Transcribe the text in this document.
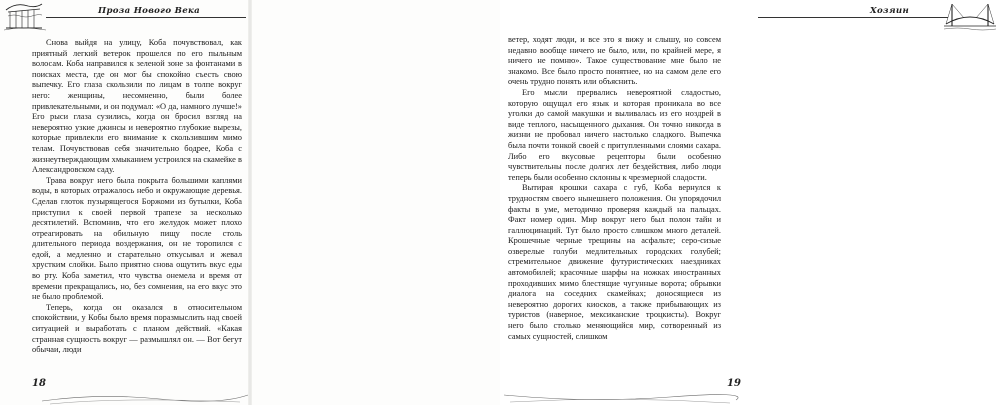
Проза Нового Века

Снова выйдя на улицу, Коба почувствовал, как приятный легкий ветерок прошелся по его пыльным волосам. Коба направился к зеленой зоне за фонтанами в поисках места, где он мог бы спокойно съесть свою выпечку. Его глаза скользили по лицам в толпе вокруг него: женщины, несомненно, были более привлекательными, и он подумал: «О да, намного лучше!» Его рыси глаза сузились, когда он бросил взгляд на невероятно узкие джинсы и невероятно глубокие вырезы, которые привлекли его внимание к скользившим мимо телам. Почувствовав себя значительно бодрее, Коба с жизнеутверждающим хмыканием устроился на скамейке в Александровском саду.

Трава вокруг него была покрыта большими каплями воды, в которых отражалось небо и окружающие деревья. Сделав глоток пузырящегося Боржоми из бутылки, Коба приступил к своей первой трапезе за несколько десятилетий. Вспомнив, что его желудок может плохо отреагировать на обильную пищу после столь длительного периода воздержания, он не торопился с едой, а медленно и старательно откусывал и жевал хрустким слойки. Было приятно снова ощутить вкус еды во рту. Коба заметил, что чувства онемела и время от времени прекращались, но, без сомнения, на его вкус это не было проблемой.

Теперь, когда он оказался в относительном спокойствии, у Кобы было время поразмыслить над своей ситуацией и выработать с планом действий. «Какая странная сущность вокруг — размышлял он. — Вот бегут обычаи, люди

18
Хозяин

ветер, ходят люди, и все это я вижу и слышу, но совсем недавно вообще ничего не было, или, по крайней мере, я ничего не помню». Такое существование мне было не знакомо. Все было просто понятнее, но на самом деле его очень трудно понять или объяснить.

Его мысли прервались невероятной сладостью, которую ощущал его язык и которая проникала во все уголки до самой макушки и выливалась из его ноздрей в виде теплого, насыщенного дыхания. Он точно никогда в жизни не пробовал ничего настолько сладкого. Выпечка была почти тонкой своей с притупленными слоями сахара. Либо его вкусовые рецепторы были особенно чувствительны после долгих лет бездействия, либо люди теперь были особенно склонны к чрезмерной сладости.

Вытирая крошки сахара с губ, Коба вернулся к трудностям своего нынешнего положения. Он упорядочил факты в уме, методично проверяя каждый на пальцах. Факт номер один. Мир вокруг него был полон тайн и галлюцинаций. Тут было просто слишком много деталей. Крошечные черные трещины на асфальте; серо-сизые озверелые голуби медлительных городских голубей; стремительное движение футуристических наездниках автомобилей; красочные шарфы на ножках иностранных проходивших мимо блестящие чугунные ворота; обрывки диалога на соседних скамейках; доносящиеся из невероятно дорогих киосков, а также прибывающих из туристов (наверное, мексиканские троцкисты). Вокруг него было столько меняющийся мир, сотворенный из самых сущностей, слишком

19
